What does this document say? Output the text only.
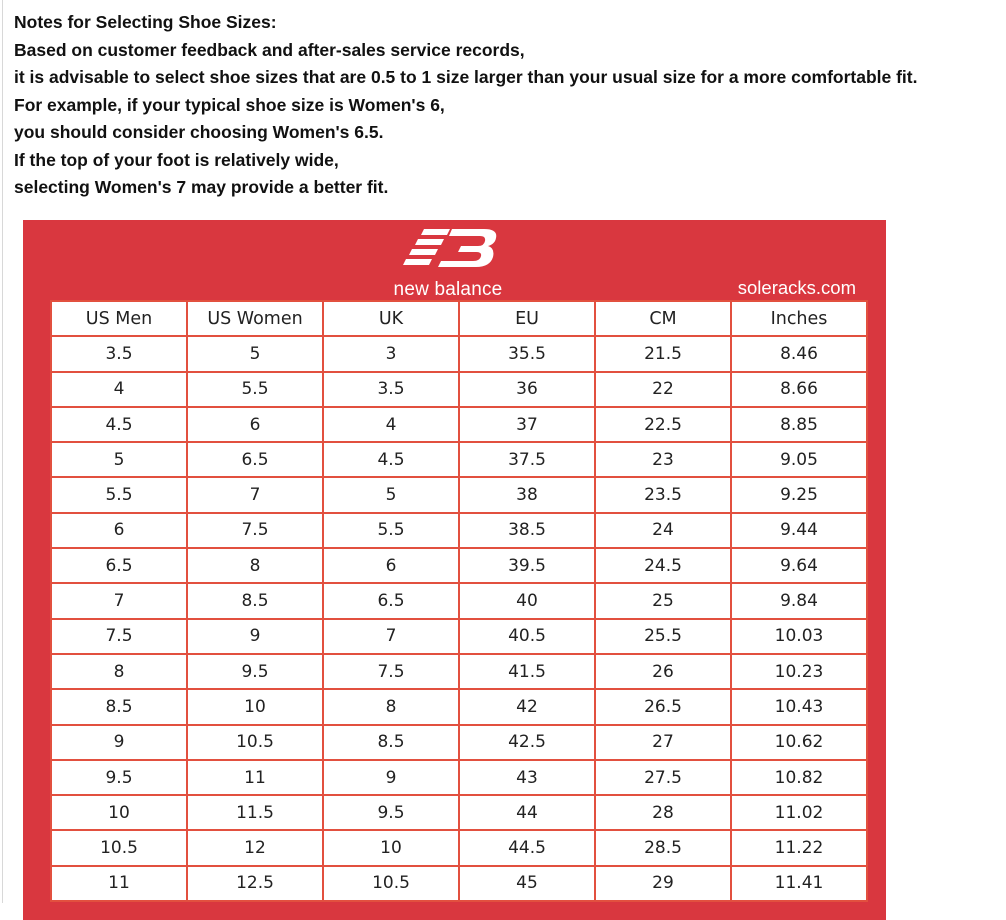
Notes for Selecting Shoe Sizes:
Based on customer feedback and after-sales service records,
it is advisable to select shoe sizes that are 0.5 to 1 size larger than your usual size for a more comfortable fit.
For example, if your typical shoe size is Women's 6,
you should consider choosing Women's 6.5.
If the top of your foot is relatively wide,
selecting Women's 7 may provide a better fit.
new balance	soleracks.com
US Men	US Women	UK	EU	CM	Inches
3.5	5	3	35.5	21.5	8.46
4	5.5	3.5	36	22	8.66
4.5	6	4	37	22.5	8.85
5	6.5	4.5	37.5	23	9.05
5.5	7	5	38	23.5	9.25
6	7.5	5.5	38.5	24	9.44
6.5	8	6	39.5	24.5	9.64
7	8.5	6.5	40	25	9.84
7.5	9	7	40.5	25.5	10.03
8	9.5	7.5	41.5	26	10.23
8.5	10	8	42	26.5	10.43
9	10.5	8.5	42.5	27	10.62
9.5	11	9	43	27.5	10.82
10	11.5	9.5	44	28	11.02
10.5	12	10	44.5	28.5	11.22
11	12.5	10.5	45	29	11.41
